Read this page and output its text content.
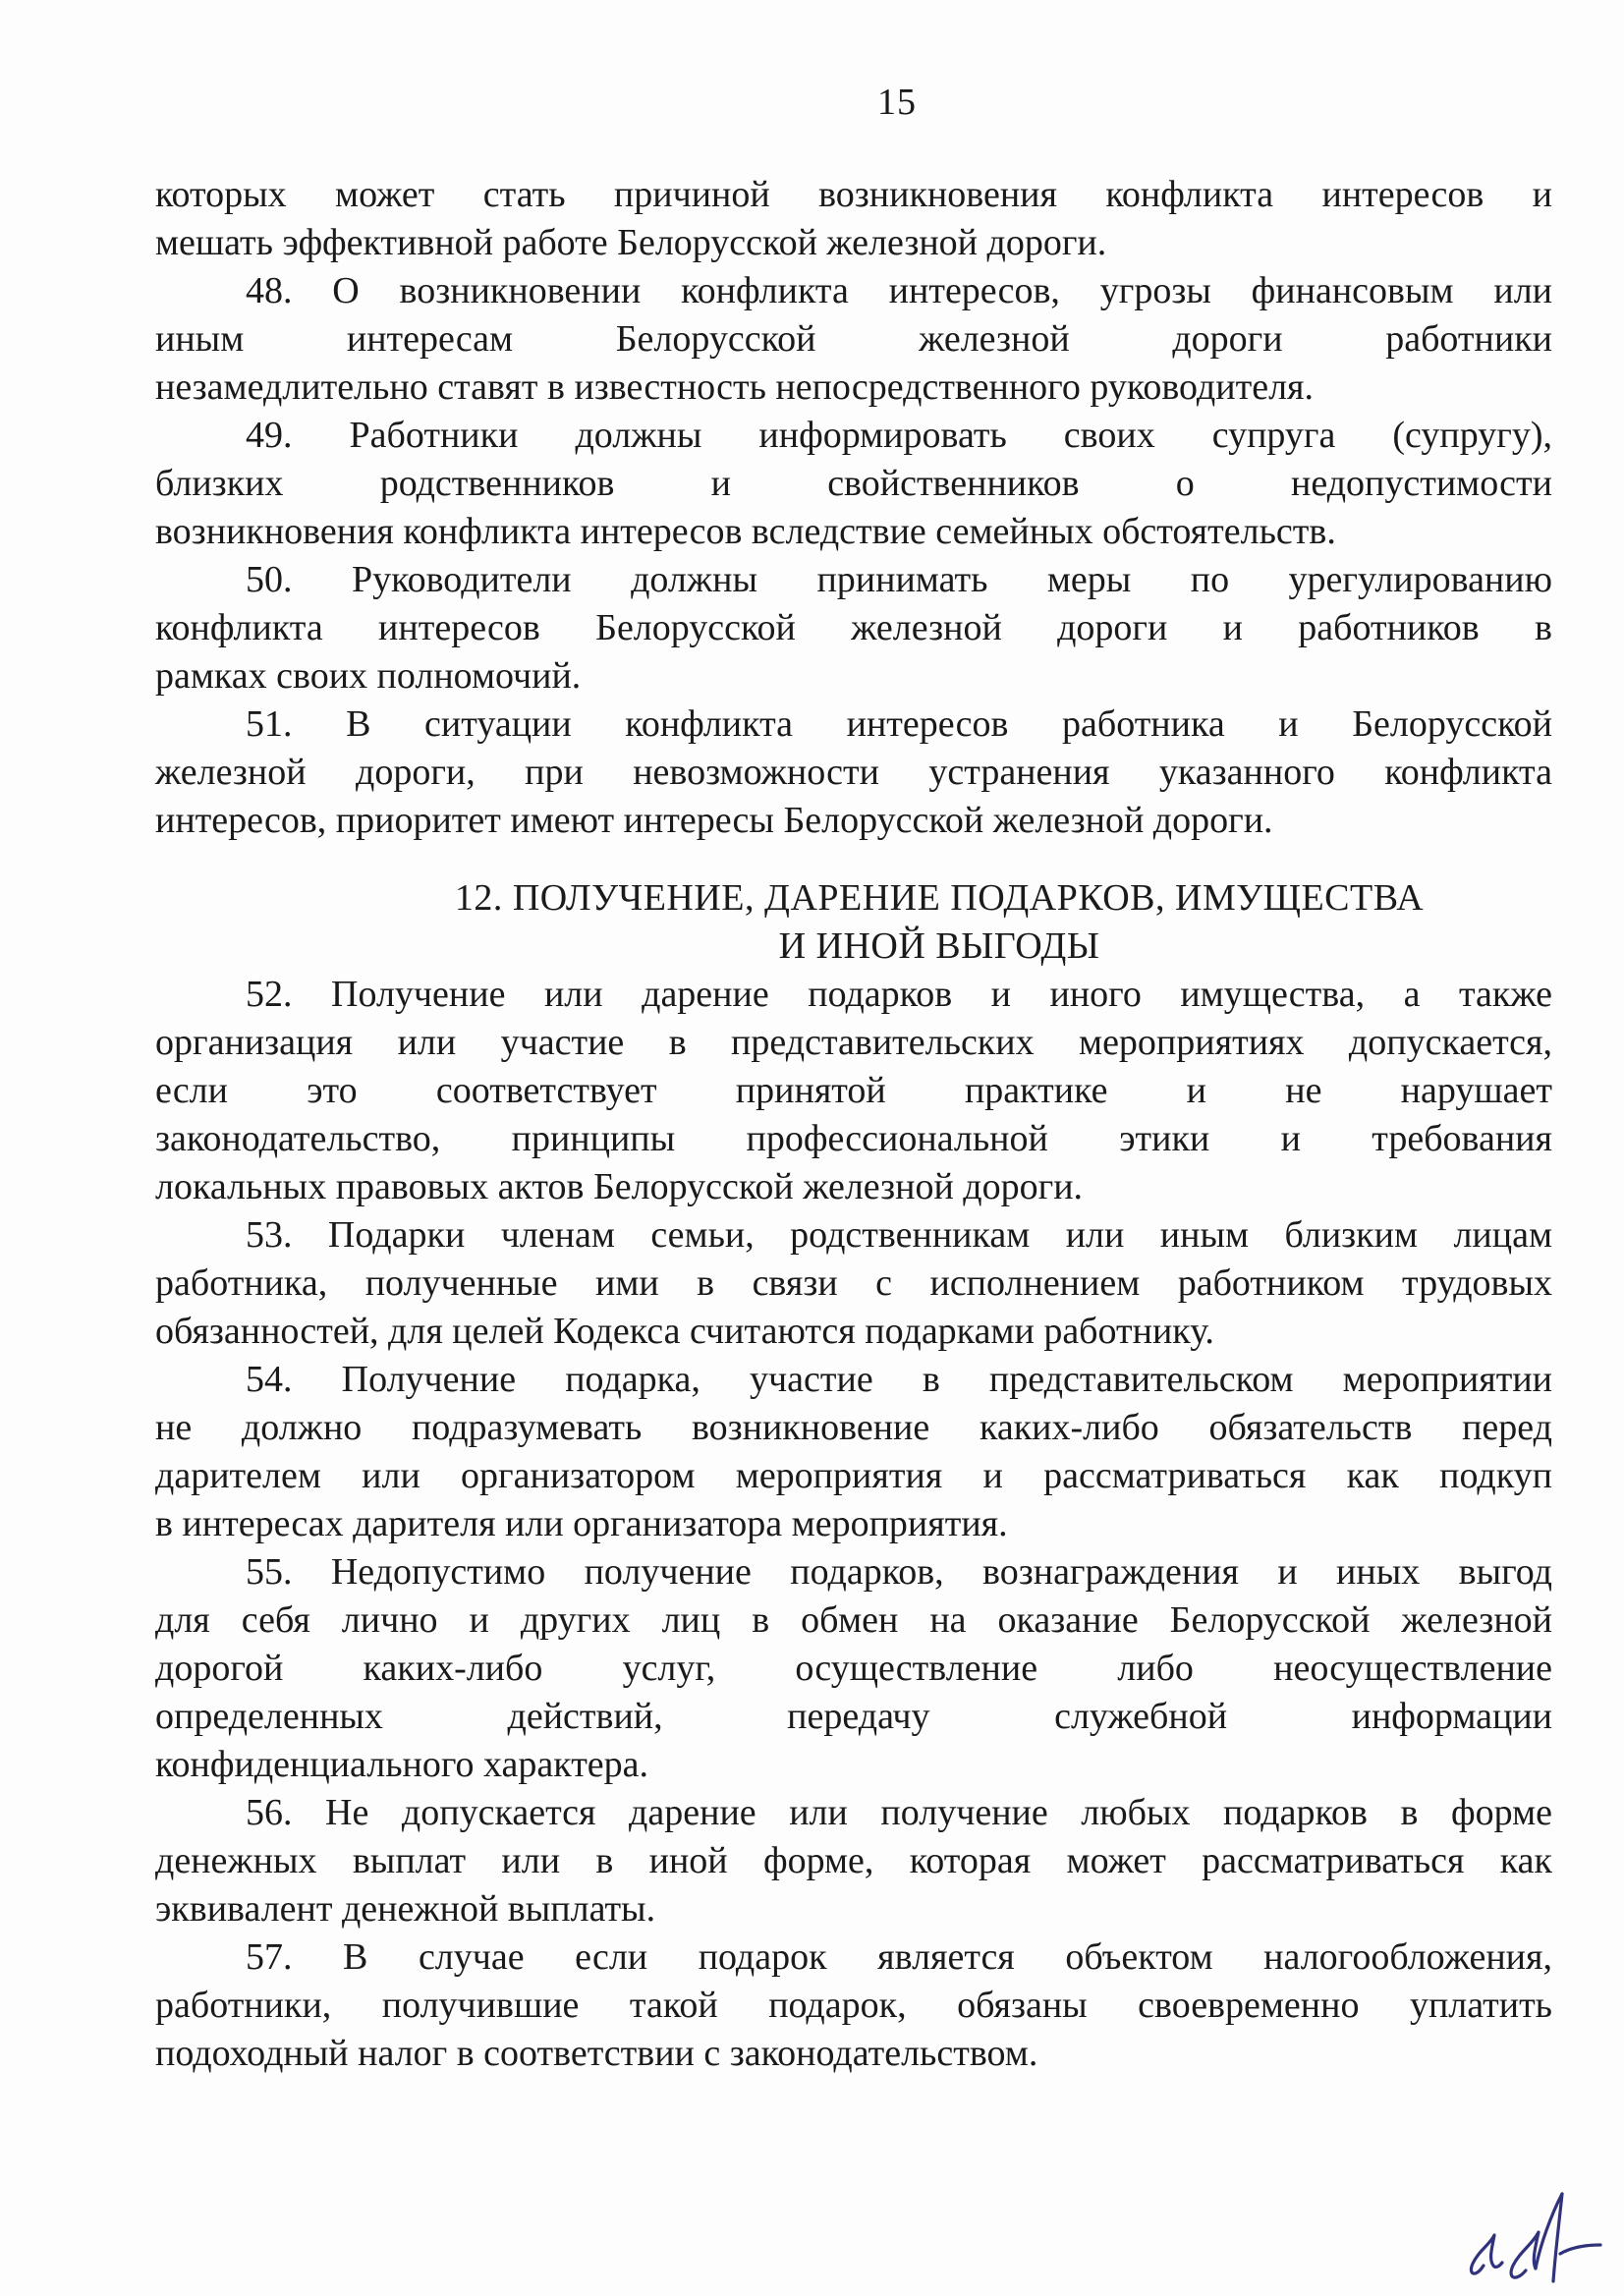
15
которых может стать причиной возникновения конфликта интересов и
мешать эффективной работе Белорусской железной дороги.
48. О возникновении конфликта интересов, угрозы финансовым или
иным интересам Белорусской железной дороги работники
незамедлительно ставят в известность непосредственного руководителя.
49. Работники должны информировать своих супруга (супругу),
близких родственников и свойственников о недопустимости
возникновения конфликта интересов вследствие семейных обстоятельств.
50. Руководители должны принимать меры по урегулированию
конфликта интересов Белорусской железной дороги и работников в
рамках своих полномочий.
51. В ситуации конфликта интересов работника и Белорусской
железной дороги, при невозможности устранения указанного конфликта
интересов, приоритет имеют интересы Белорусской железной дороги.
12. ПОЛУЧЕНИЕ, ДАРЕНИЕ ПОДАРКОВ, ИМУЩЕСТВА
И ИНОЙ ВЫГОДЫ
52. Получение или дарение подарков и иного имущества, а также
организация или участие в представительских мероприятиях допускается,
если это соответствует принятой практике и не нарушает
законодательство, принципы профессиональной этики и требования
локальных правовых актов Белорусской железной дороги.
53. Подарки членам семьи, родственникам или иным близким лицам
работника, полученные ими в связи с исполнением работником трудовых
обязанностей, для целей Кодекса считаются подарками работнику.
54. Получение подарка, участие в представительском мероприятии
не должно подразумевать возникновение каких-либо обязательств перед
дарителем или организатором мероприятия и рассматриваться как подкуп
в интересах дарителя или организатора мероприятия.
55. Недопустимо получение подарков, вознаграждения и иных выгод
для себя лично и других лиц в обмен на оказание Белорусской железной
дорогой каких-либо услуг, осуществление либо неосуществление
определенных действий, передачу служебной информации
конфиденциального характера.
56. Не допускается дарение или получение любых подарков в форме
денежных выплат или в иной форме, которая может рассматриваться как
эквивалент денежной выплаты.
57. В случае если подарок является объектом налогообложения,
работники, получившие такой подарок, обязаны своевременно уплатить
подоходный налог в соответствии с законодательством.
